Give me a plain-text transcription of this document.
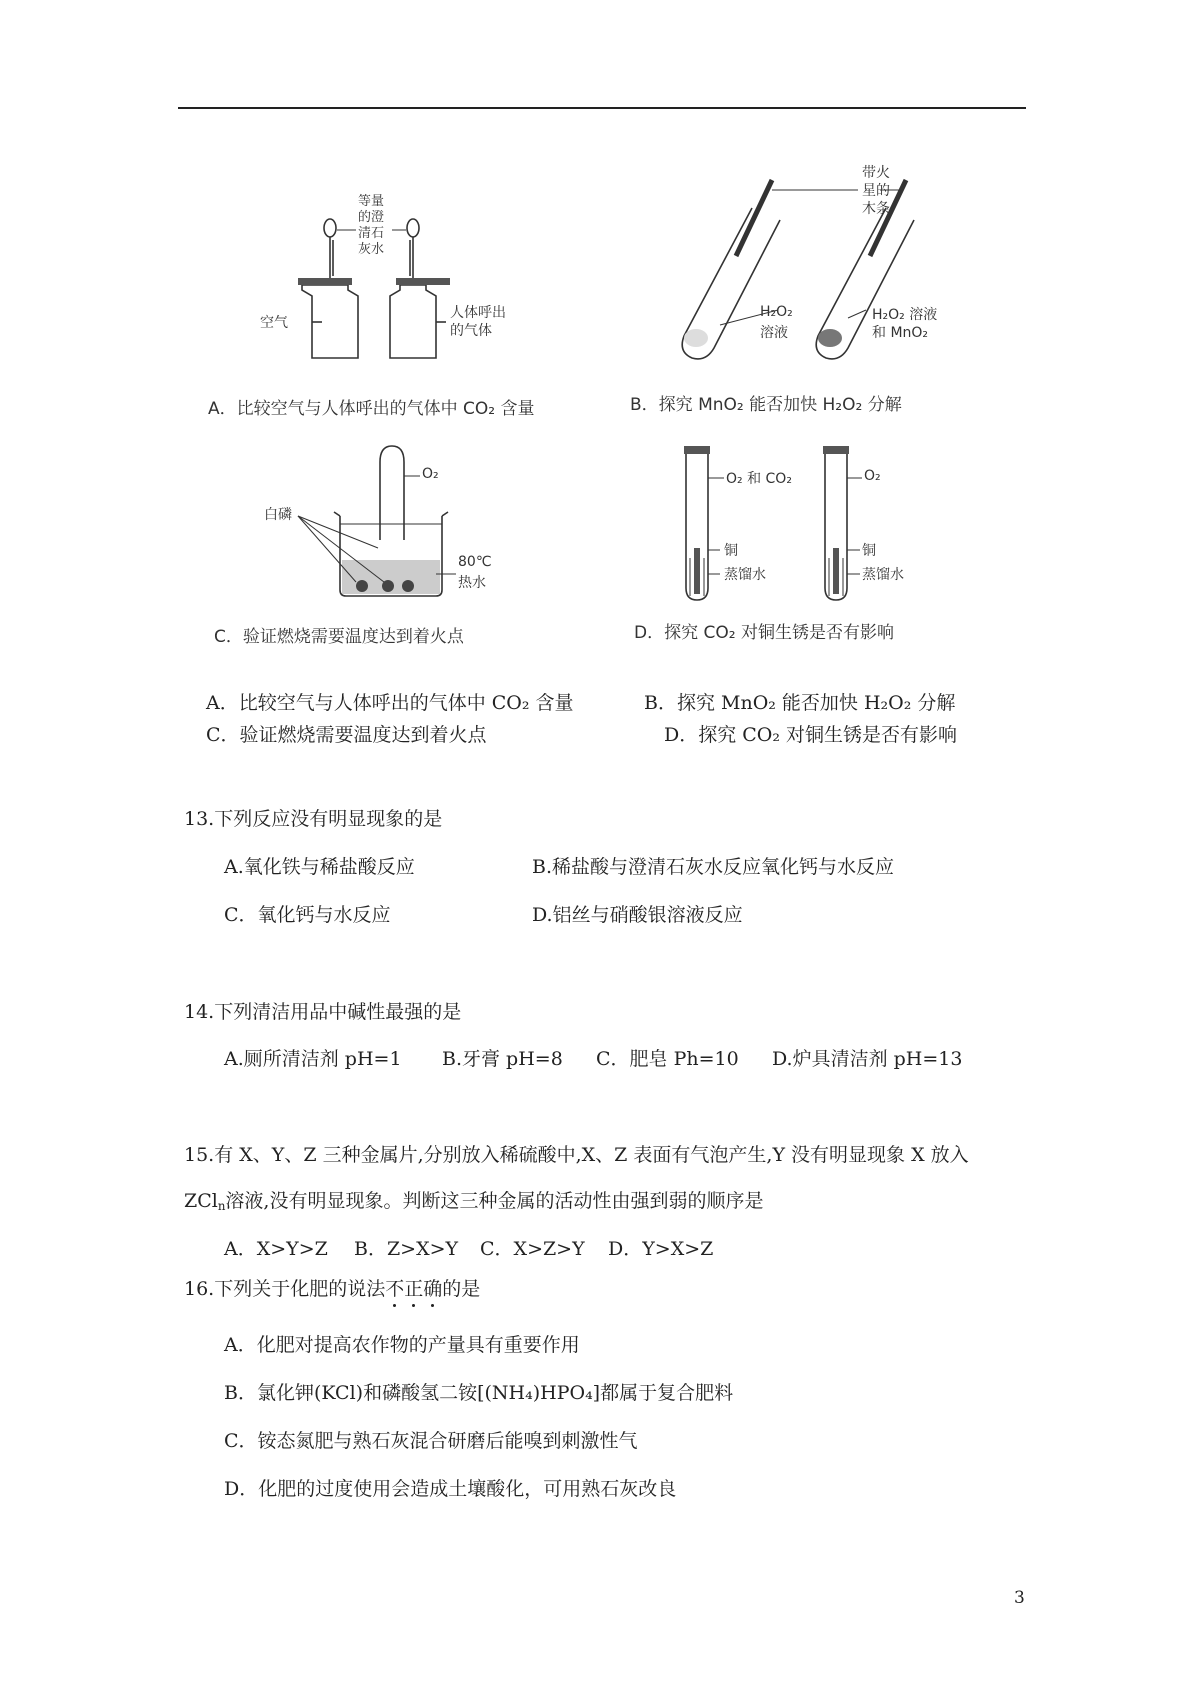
等量
的澄
清石
灰水
空气
人体呼出
的气体
带火
星的
木条
H₂O₂
溶液
H₂O₂ 溶液
和 MnO₂
白磷
O₂
80℃
热水
O₂ 和 CO₂
铜
蒸馏水
O₂
铜
蒸馏水
A．比较空气与人体呼出的气体中 CO₂ 含量	B．探究 MnO₂ 能否加快 H₂O₂ 分解
C．验证燃烧需要温度达到着火点	D．探究 CO₂ 对铜生锈是否有影响
A．比较空气与人体呼出的气体中 CO₂ 含量	B．探究 MnO₂ 能否加快 H₂O₂ 分解
C．验证燃烧需要温度达到着火点	D．探究 CO₂ 对铜生锈是否有影响
13.下列反应没有明显现象的是
A.氧化铁与稀盐酸反应	B.稀盐酸与澄清石灰水反应氧化钙与水反应
C．氧化钙与水反应	D.铝丝与硝酸银溶液反应
14.下列清洁用品中碱性最强的是
A.厕所清洁剂 pH=1 B.牙膏 pH=8 C．肥皂 Ph=10 D.炉具清洁剂 pH=13
15.有 X、Y、Z 三种金属片,分别放入稀硫酸中,X、Z 表面有气泡产生,Y 没有明显现象 X 放入
ZCl$_n$溶液,没有明显现象。判断这三种金属的活动性由强到弱的顺序是
A．X>Y>Z B．Z>X>Y C．X>Z>Y D．Y>X>Z
16.下列关于化肥的说法不正确的是
A．化肥对提高农作物的产量具有重要作用
B．氯化钾(KCl)和磷酸氢二铵[(NH₄)HPO₄]都属于复合肥料
C．铵态氮肥与熟石灰混合研磨后能嗅到刺激性气
D．化肥的过度使用会造成土壤酸化，可用熟石灰改良
3
